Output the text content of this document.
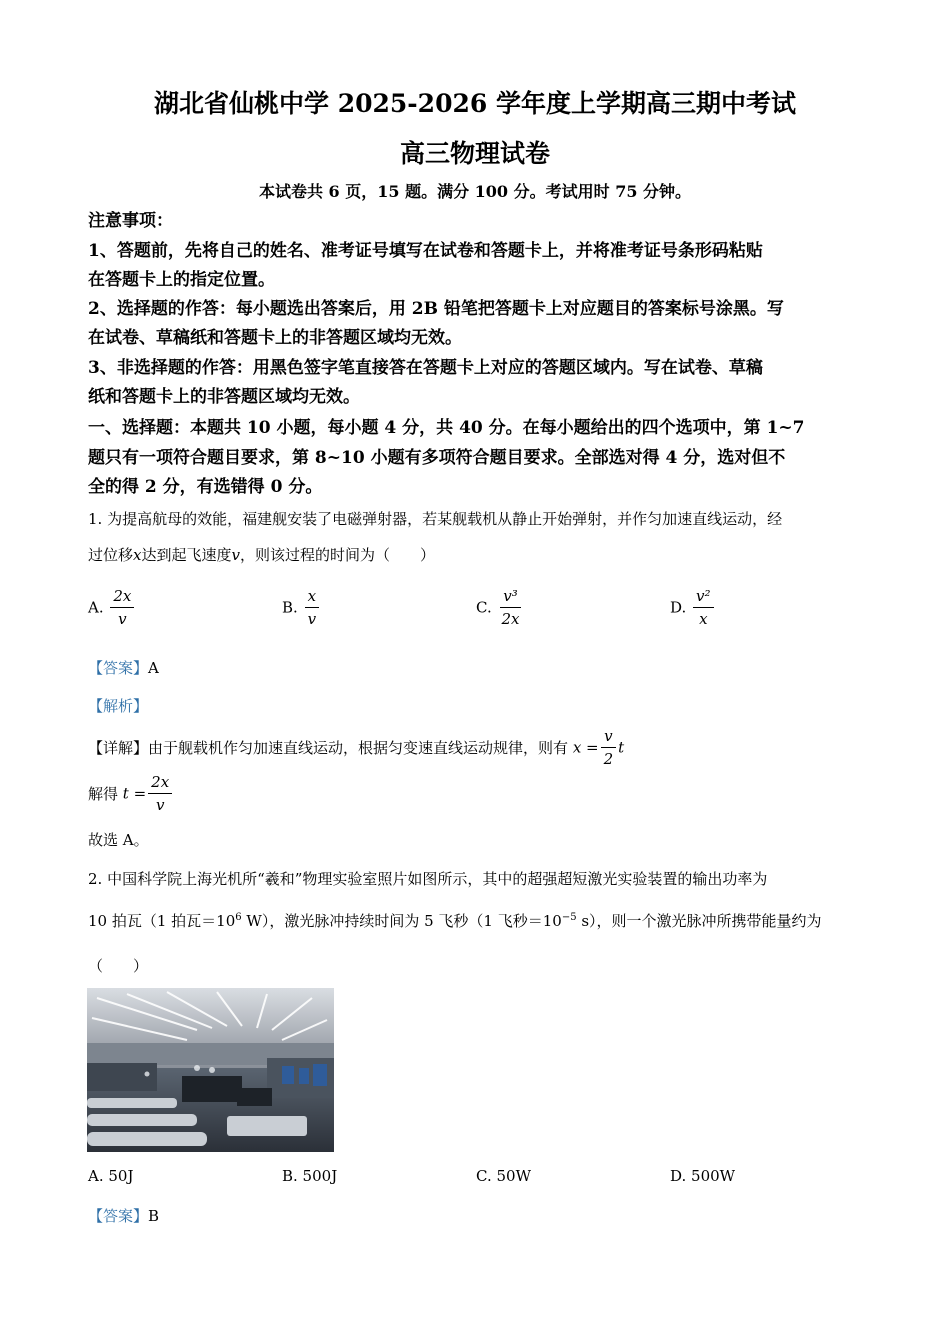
湖北省仙桃中学 2025-2026 学年度上学期高三期中考试
高三物理试卷
本试卷共 6 页，15 题。满分 100 分。考试用时 75 分钟。
注意事项：
1、答题前，先将自己的姓名、准考证号填写在试卷和答题卡上，并将准考证号条形码粘贴
在答题卡上的指定位置。
2、选择题的作答：每小题选出答案后，用 2B 铅笔把答题卡上对应题目的答案标号涂黑。写
在试卷、草稿纸和答题卡上的非答题区域均无效。
3、非选择题的作答：用黑色签字笔直接答在答题卡上对应的答题区域内。写在试卷、草稿
纸和答题卡上的非答题区域均无效。
一、选择题：本题共 10 小题，每小题 4 分，共 40 分。在每小题给出的四个选项中，第 1~7
题只有一项符合题目要求，第 8~10 小题有多项符合题目要求。全部选对得 4 分，选对但不
全的得 2 分，有选错得 0 分。
1. 为提高航母的效能，福建舰安装了电磁弹射器，若某舰载机从静止开始弹射，并作匀加速直线运动，经
过位移x达到起飞速度v，则该过程的时间为（　　）
A. $\frac{2x}{v}$	B. $\frac{x}{v}$	C. $\frac{\text{v³}}{2x}$	D. $\frac{\text{v²}}{x}$
【答案】A
【解析】
【详解】由于舰载机作匀加速直线运动，根据匀变速直线运动规律，则有 $x = \frac{v}{2}$ t
解得 $t = \frac{2x}{v}$
故选 A。
2. 中国科学院上海光机所“羲和”物理实验室照片如图所示，其中的超强超短激光实验装置的输出功率为
10 拍瓦（1 拍瓦$=10^6$ W），激光脉冲持续时间为 5 飞秒（1 飞秒$=10^{-5}$ s），则一个激光脉冲所携带能量约为
（　　）
A. 50J	B. 500J	C. 50W	D. 500W
【答案】B
